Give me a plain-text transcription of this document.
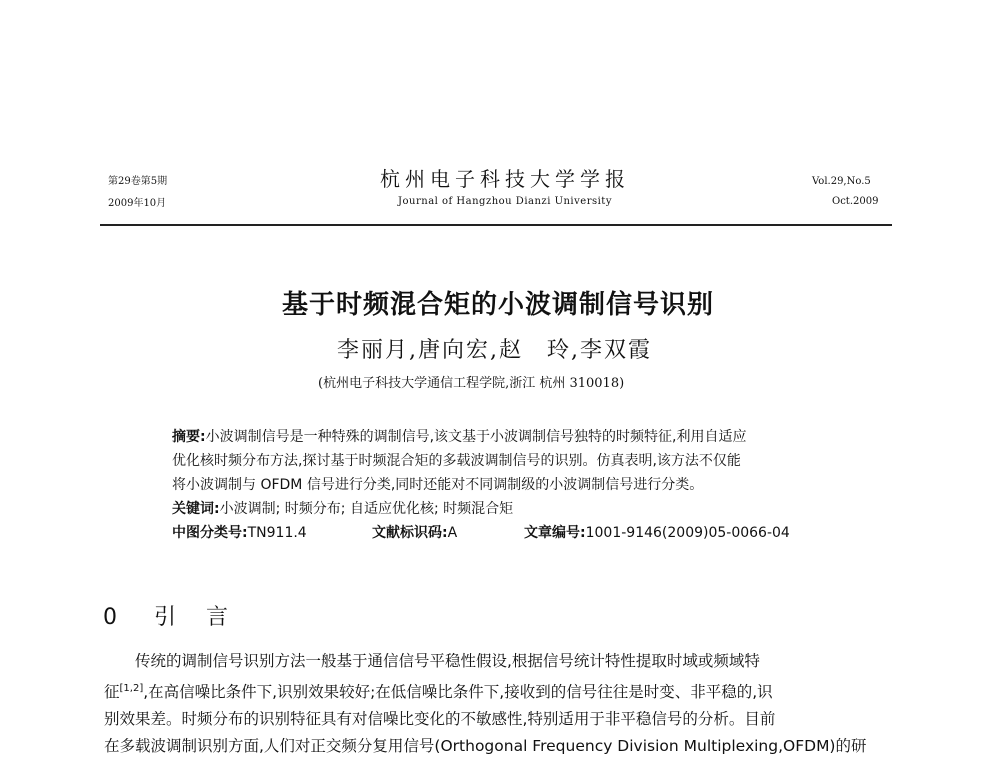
第29卷第5期
2009年10月
杭州电子科技大学学报
Journal of Hangzhou Dianzi University
Vol.29,No.5
Oct.2009
基于时频混合矩的小波调制信号识别
李丽月,唐向宏,赵　玲,李双霞
(杭州电子科技大学通信工程学院,浙江 杭州 310018)
摘要:小波调制信号是一种特殊的调制信号,该文基于小波调制信号独特的时频特征,利用自适应
优化核时频分布方法,探讨基于时频混合矩的多载波调制信号的识别。仿真表明,该方法不仅能
将小波调制与 OFDM 信号进行分类,同时还能对不同调制级的小波调制信号进行分类。
关键词:小波调制; 时频分布; 自适应优化核; 时频混合矩
中图分类号:TN911.4	文献标识码:A	文章编号:1001-9146(2009)05-0066-04
0 引　言
传统的调制信号识别方法一般基于通信信号平稳性假设,根据信号统计特性提取时域或频域特
征[1,2],在高信噪比条件下,识别效果较好;在低信噪比条件下,接收到的信号往往是时变、非平稳的,识
别效果差。时频分布的识别特征具有对信噪比变化的不敏感性,特别适用于非平稳信号的分析。目前
在多载波调制识别方面,人们对正交频分复用信号(Orthogonal Frequency Division Multiplexing,OFDM)的研
